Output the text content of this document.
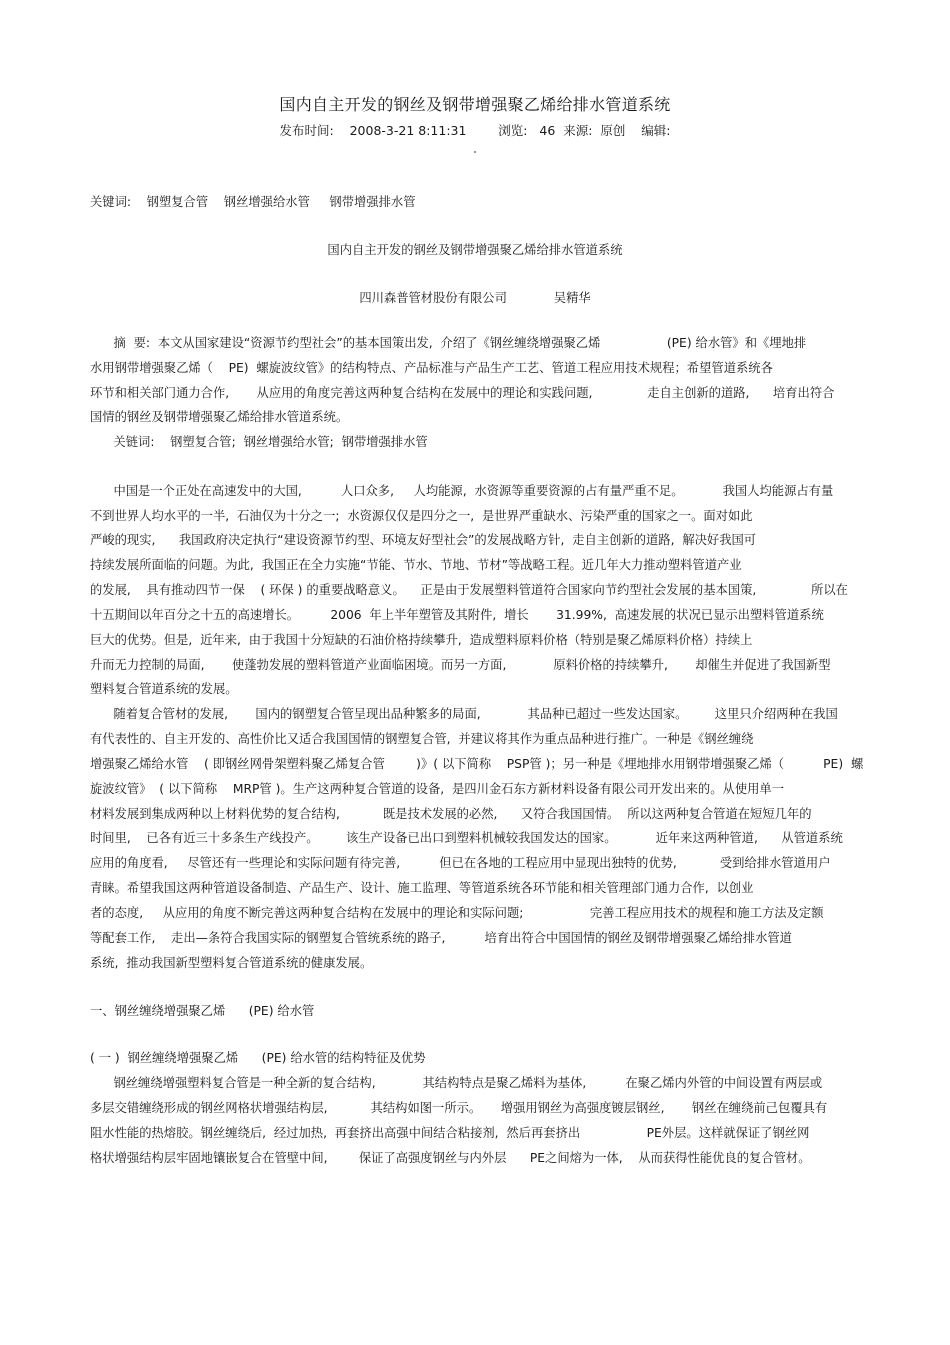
国内自主开发的钢丝及钢带增强聚乙烯给排水管道系统
发布时间:    2008-3-21 8:11:31        浏览:   46  来源:  原创    编辑:
关键词:    钢塑复合管    钢丝增强给水管     钢带增强排水管
国内自主开发的钢丝及钢带增强聚乙烯给排水管道系统
四川森普管材股份有限公司            吴精华
摘  要:  本文从国家建设“资源节约型社会”的基本国策出发,  介绍了《钢丝缠绕增强聚乙烯                 (PE) 给水管》和《埋地排
水用钢带增强聚乙烯（    PE)  螺旋波纹管》的结构特点、产品标准与产品生产工艺、管道工程应用技术规程；希望管道系统各
环节和相关部门通力合作,       从应用的角度完善这两种复合结构在发展中的理论和实践问题,              走自主创新的道路,      培育出符合
国情的钢丝及钢带增强聚乙烯给排水管道系统。
关链词:    钢塑复合管;  钢丝增强给水管;  钢带增强排水管
中国是一个正处在高速发中的大国,          人口众多,     人均能源,  水资源等重要资源的占有量严重不足。          我国人均能源占有量
不到世界人均水平的一半,  石油仅为十分之一;  水资源仅仅是四分之一,  是世界严重缺水、污染严重的国家之一。面对如此
严峻的现实,      我国政府决定执行“建设资源节约型、环境友好型社会”的发展战略方针,  走自主创新的道路,  解决好我国可
持续发展所面临的问题。为此,  我国正在全力实施“节能、节水、节地、节材”等战略工程。近几年大力推动塑料管道产业
的发展,    具有推动四节一保    ( 环保 ) 的重要战略意义。    正是由于发展塑料管道符合国家向节约型社会发展的基本国策,              所以在
十五期间以年百分之十五的高速增长。        2006  年上半年塑管及其附件,  增长       31.99%,  高速发展的状况已显示出塑料管道系统
巨大的优势。但是,  近年来,  由于我国十分短缺的石油价格持续攀升,  造成塑料原料价格（特别是聚乙烯原料价格）持续上
升而无力控制的局面,       使蓬勃发展的塑料管道产业面临困境。而另一方面,            原料价格的持续攀升,       却催生并促进了我国新型
塑料复合管道系统的发展。
随着复合管材的发展,       国内的钢塑复合管呈现出品种繁多的局面,            其品种已超过一些发达国家。       这里只介绍两种在我国
有代表性的、自主开发的、高性价比又适合我国国情的钢塑复合管,  并建议将其作为重点品种进行推广。一种是《钢丝缠绕
增强聚乙烯给水管    ( 即钢丝网骨架塑料聚乙烯复合管        )》( 以下简称    PSP管 )；另一种是《埋地排水用钢带增强聚乙烯（          PE)  螺
旋波纹管》  ( 以下简称    MRP管 )。生产这两种复合管道的设备,  是四川金石东方新材料设备有限公司开发出来的。从使用单一
材料发展到集成两种以上材料优势的复合结构,           既是技术发展的必然,      又符合我国国情。  所以这两种复合管道在短短几年的
时间里,    已各有近三十多条生产线投产。       该生产设备已出口到塑料机械较我国发达的国家。          近年来这两种管道,      从管道系统
应用的角度看,     尽管还有一些理论和实际问题有待完善,          但已在各地的工程应用中显现出独特的优势,           受到给排水管道用户
青睐。希望我国这两种管道设备制造、产品生产、设计、施工监理、等管道系统各环节能和相关管理部门通力合作,  以创业
者的态度,     从应用的角度不断完善这两种复合结构在发展中的理论和实际问题;                 完善工程应用技术的规程和施工方法及定额
等配套工作,    走出—条符合我国实际的钢塑复合管统系统的路子,          培育出符合中国国情的钢丝及钢带增强聚乙烯给排水管道
系统,  推动我国新型塑料复合管道系统的健康发展。
一、钢丝缠绕增强聚乙烯      (PE) 给水管
( 一 )  钢丝缠绕增强聚乙烯      (PE) 给水管的结构特征及优势
钢丝缠绕增强塑料复合管是一种全新的复合结构,            其结构特点是聚乙烯料为基体,          在聚乙烯内外管的中间设置有两层或
多层交错缠绕形成的钢丝网格状增强结构层,           其结构如图一所示。     增强用钢丝为高强度镀层钢丝,       钢丝在缠绕前己包覆具有
阻水性能的热熔胶。钢丝缠绕后,  经过加热,  再套挤出高强中间结合粘接剂,  然后再套挤出                 PE外层。这样就保证了钢丝网
格状增强结构层牢固地镶嵌复合在管壁中间,        保证了高强度钢丝与内外层      PE之间熔为一体,    从而获得性能优良的复合管材。
